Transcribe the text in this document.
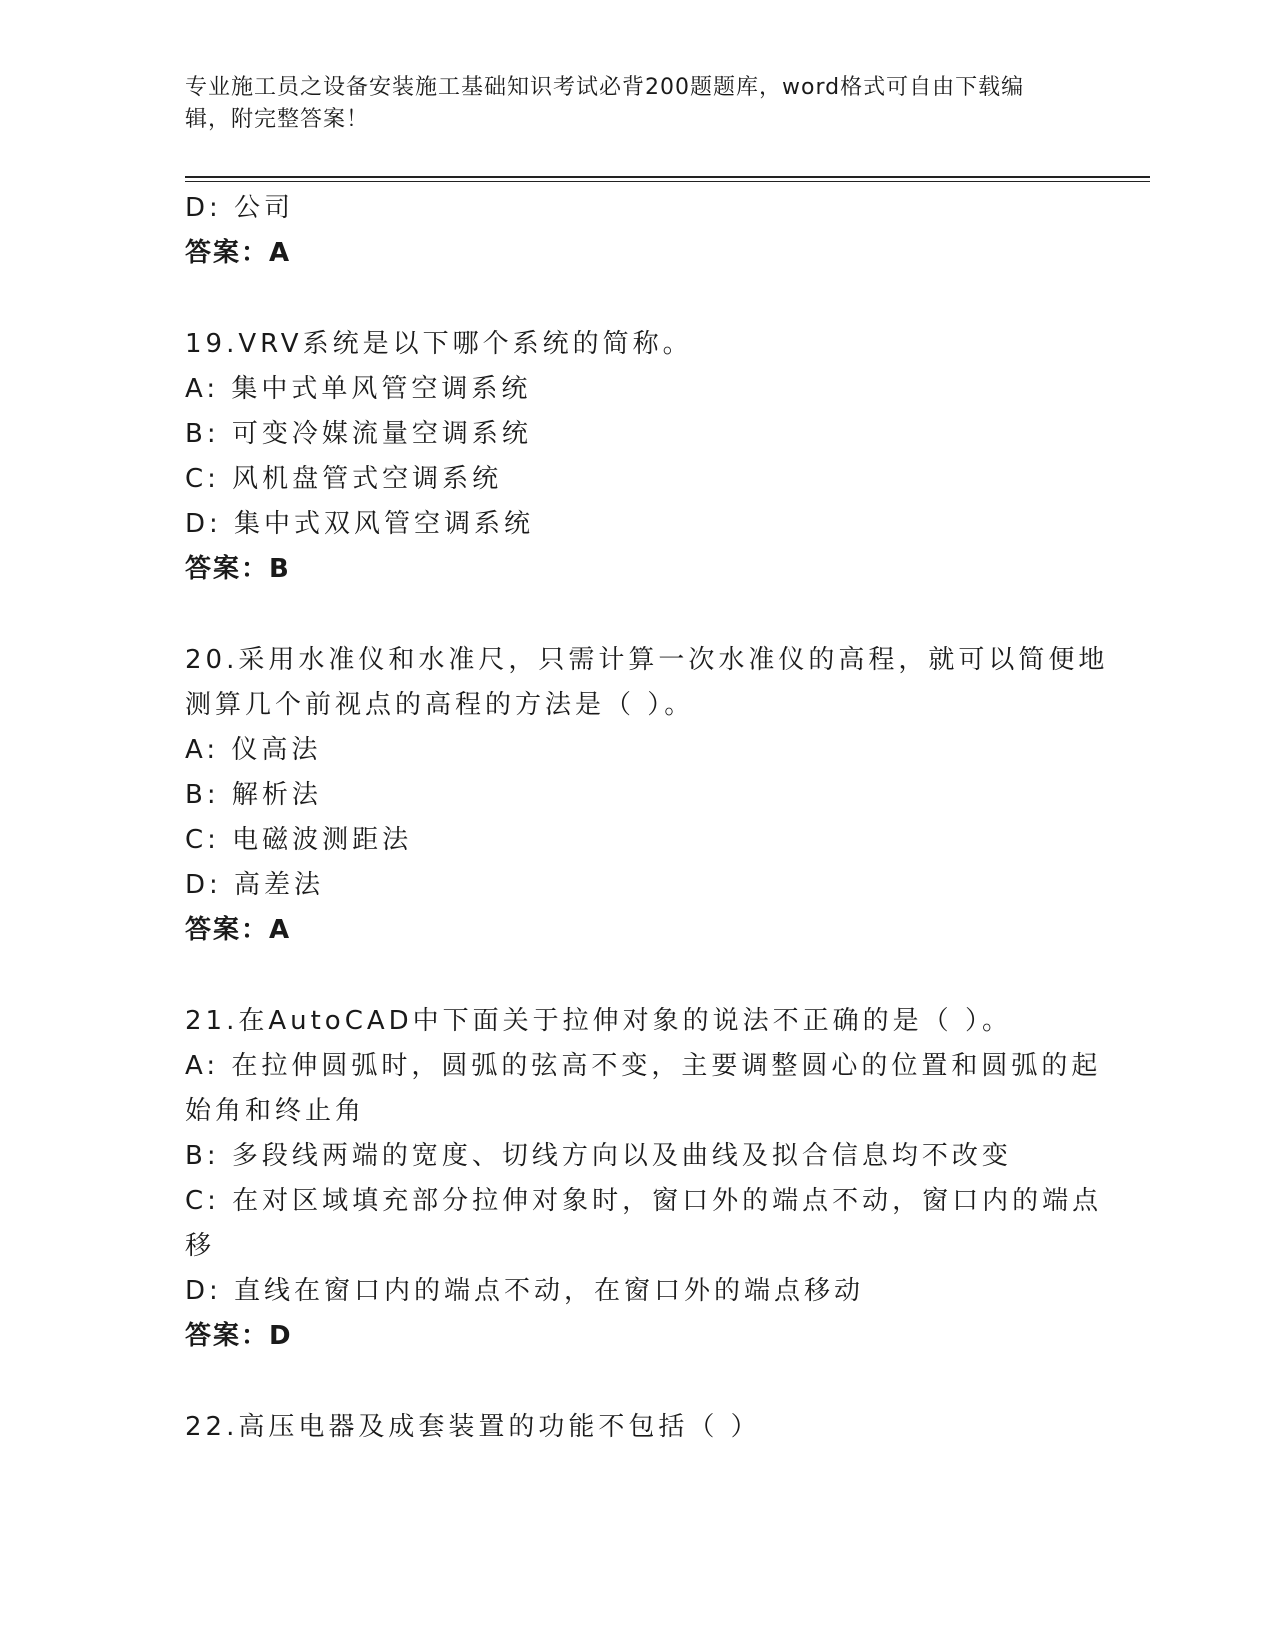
专业施工员之设备安装施工基础知识考试必背200题题库，word格式可自由下载编辑，附完整答案！
D: 公司
答案：A
19.VRV系统是以下哪个系统的简称。
A: 集中式单风管空调系统
B: 可变冷媒流量空调系统
C: 风机盘管式空调系统
D: 集中式双风管空调系统
答案：B
20.采用水准仪和水准尺，只需计算一次水准仪的高程，就可以简便地
测算几个前视点的高程的方法是（ ）。
A: 仪高法
B: 解析法
C: 电磁波测距法
D: 高差法
答案：A
21.在AutoCAD中下面关于拉伸对象的说法不正确的是（ ）。
A: 在拉伸圆弧时，圆弧的弦高不变，主要调整圆心的位置和圆弧的起
始角和终止角
B: 多段线两端的宽度、切线方向以及曲线及拟合信息均不改变
C: 在对区域填充部分拉伸对象时，窗口外的端点不动，窗口内的端点
移
D: 直线在窗口内的端点不动，在窗口外的端点移动
答案：D
22.高压电器及成套装置的功能不包括（ ）
